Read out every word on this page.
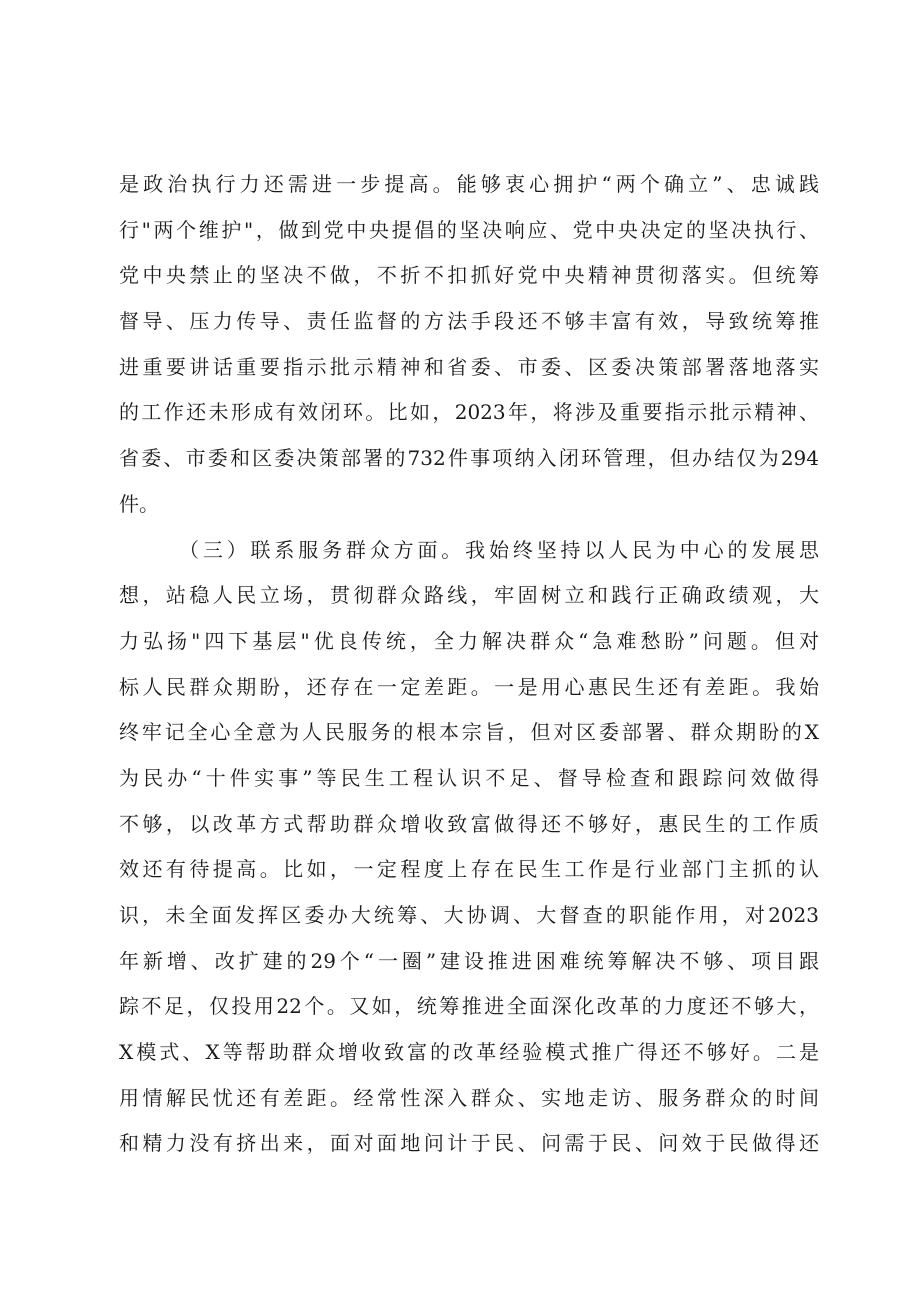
是政治执行力还需进一步提高。能够衷心拥护“两个确立”、忠诚践
行"两个维护"，做到党中央提倡的坚决响应、党中央决定的坚决执行、
党中央禁止的坚决不做，不折不扣抓好党中央精神贯彻落实。但统筹
督导、压力传导、责任监督的方法手段还不够丰富有效，导致统筹推
进重要讲话重要指示批示精神和省委、市委、区委决策部署落地落实
的工作还未形成有效闭环。比如，2023年，将涉及重要指示批示精神、
省委、市委和区委决策部署的732件事项纳入闭环管理，但办结仅为294
件。
（三）联系服务群众方面。我始终坚持以人民为中心的发展思
想，站稳人民立场，贯彻群众路线，牢固树立和践行正确政绩观，大
力弘扬"四下基层"优良传统，全力解决群众“急难愁盼”问题。但对
标人民群众期盼，还存在一定差距。一是用心惠民生还有差距。我始
终牢记全心全意为人民服务的根本宗旨，但对区委部署、群众期盼的X
为民办“十件实事”等民生工程认识不足、督导检查和跟踪问效做得
不够，以改革方式帮助群众增收致富做得还不够好，惠民生的工作质
效还有待提高。比如，一定程度上存在民生工作是行业部门主抓的认
识，未全面发挥区委办大统筹、大协调、大督查的职能作用，对2023
年新增、改扩建的29个“一圈”建设推进困难统筹解决不够、项目跟
踪不足，仅投用22个。又如，统筹推进全面深化改革的力度还不够大，
X模式、X等帮助群众增收致富的改革经验模式推广得还不够好。二是
用情解民忧还有差距。经常性深入群众、实地走访、服务群众的时间
和精力没有挤出来，面对面地问计于民、问需于民、问效于民做得还
